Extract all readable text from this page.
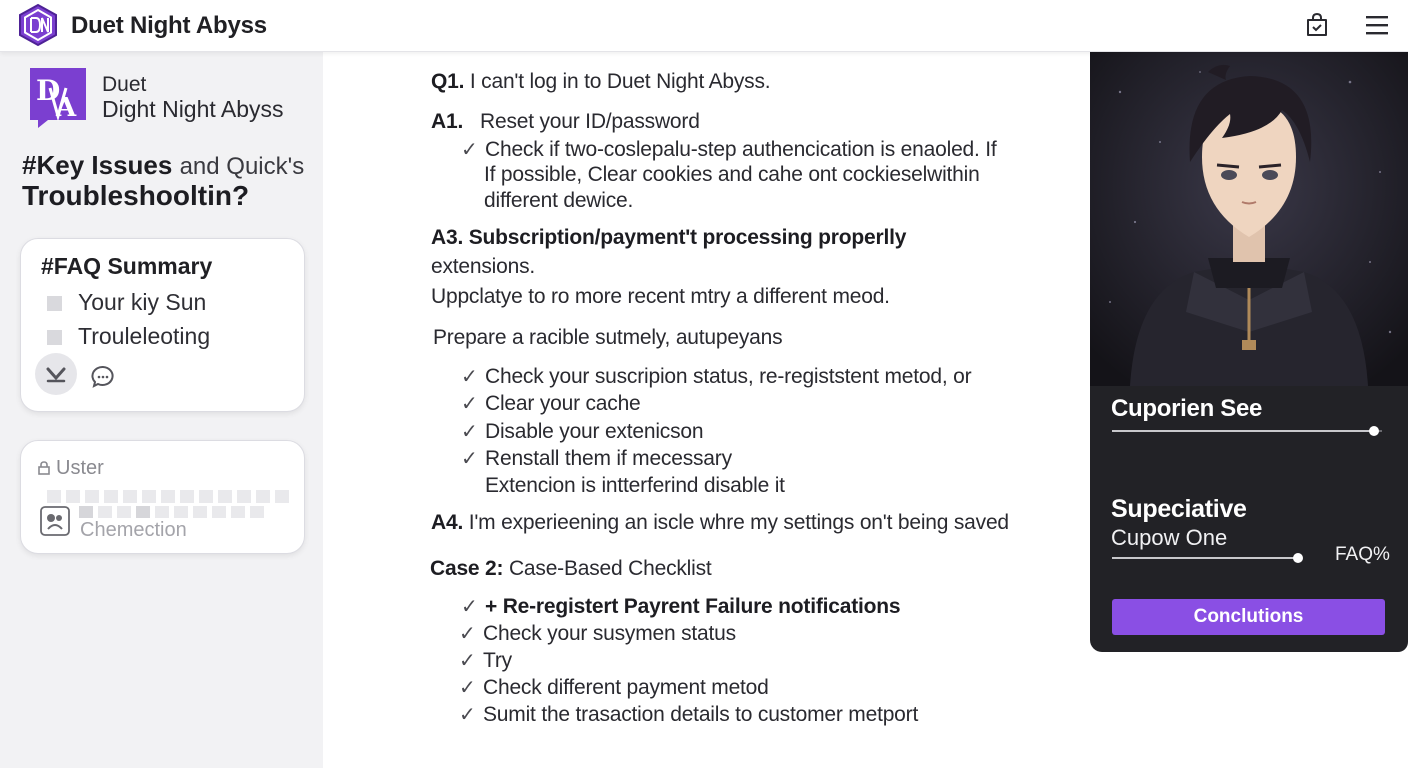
Duet Night Abyss
D
A
Duet
Dight Night Abyss
#Key Issues and Quick's
Troubleshooltin?
#FAQ Summary
Your kiy Sun
Trouleleoting
Uster
Chemection
Q1. I can't log in to Duet Night Abyss.
A1. Reset your ID/password
✓ Check if two-coslepalu-step authencication is enaoled. If
If possible, Clear cookies and cahe ont cockieselwithin
different dewice.
A3. Subscription/payment't processing properlly
extensions.
Uppclatye to ro more recent mtry a different meod.
Prepare a racible sutmely, autupeyans
✓ Check your suscripion status, re-registstent metod, or
✓ Clear your cache
✓ Disable your extenicson
✓ Renstall them if mecessary
Extencion is intterferind disable it
A4. I'm experieening an iscle whre my settings on't being saved
Case 2: Case-Based Checklist
✓ + Re-registert Payrent Failure notifications
✓ Check your susymen status
✓ Try
✓ Check different payment metod
✓ Sumit the trasaction details to customer metport
Cuporien See
Supeciative
Cupow One
FAQ%
Conclutions
